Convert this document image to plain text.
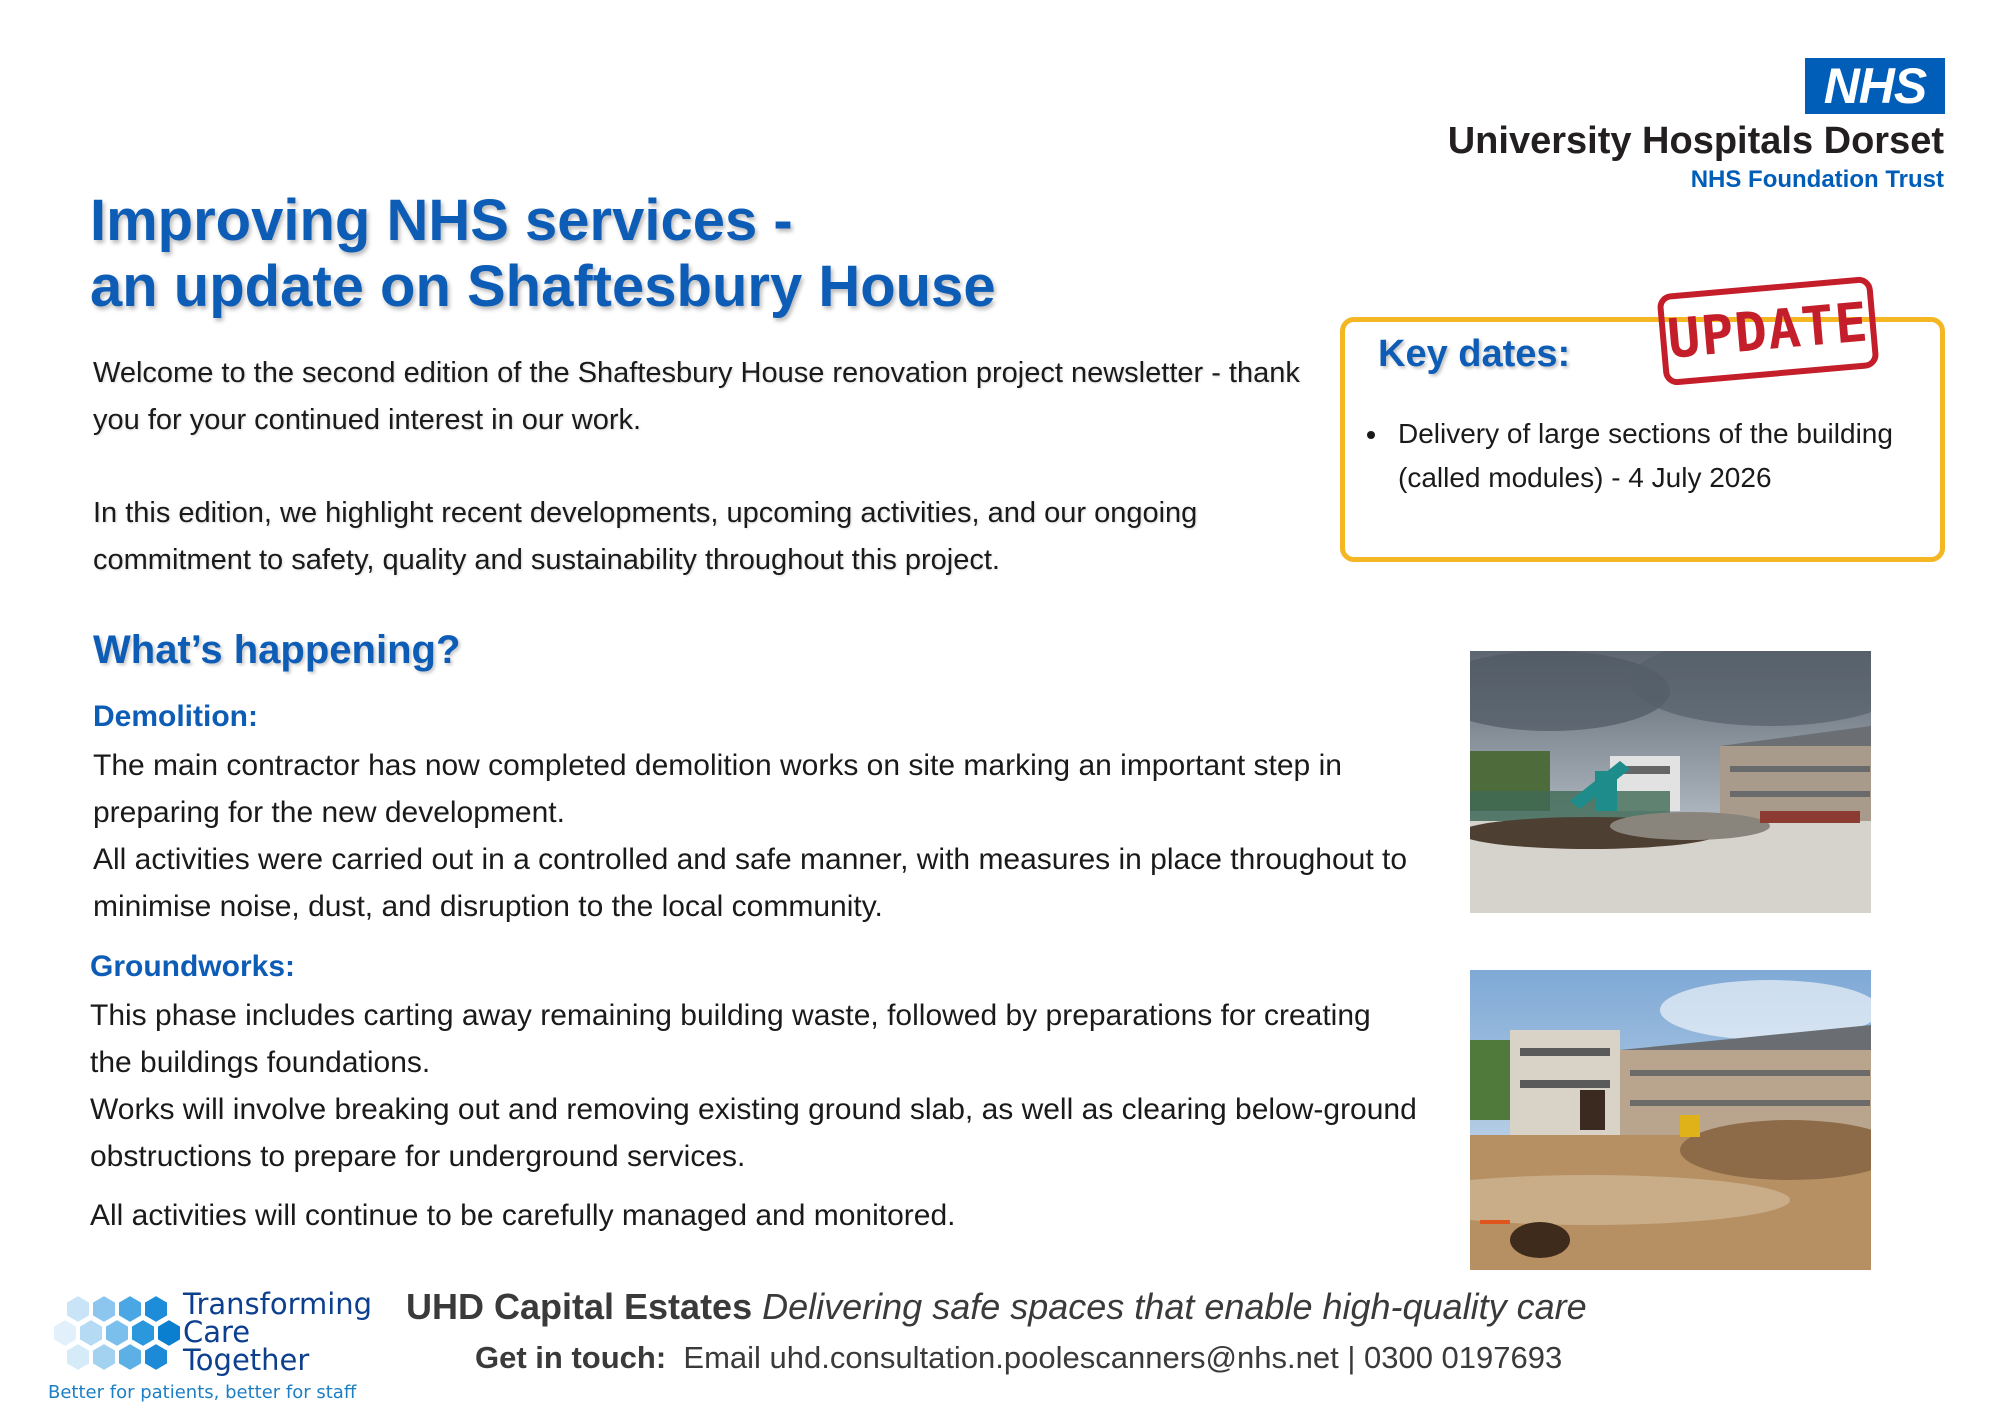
NHS
University Hospitals Dorset
NHS Foundation Trust
Improving NHS services -
an update on Shaftesbury House

Welcome to the second edition of the Shaftesbury House renovation project newsletter - thank you for your continued interest in our work.

In this edition, we highlight recent developments, upcoming activities, and our ongoing commitment to safety, quality and sustainability throughout this project.

Key dates: UPDATE
• Delivery of large sections of the building (called modules) - 4 July 2026
What’s happening?
Demolition:

The main contractor has now completed demolition works on site marking an important step in preparing for the new development.

All activities were carried out in a controlled and safe manner, with measures in place throughout to minimise noise, dust, and disruption to the local community.

Groundworks:

This phase includes carting away remaining building waste, followed by preparations for creating the buildings foundations.

Works will involve breaking out and removing existing ground slab, as well as clearing below-ground obstructions to prepare for underground services.

All activities will continue to be carefully managed and monitored.

Transforming
Care
Together
Better for patients, better for staff
UHD Capital Estates Delivering safe spaces that enable high-quality care
Get in touch: Email uhd.consultation.poolescanners@nhs.net | 0300 0197693
